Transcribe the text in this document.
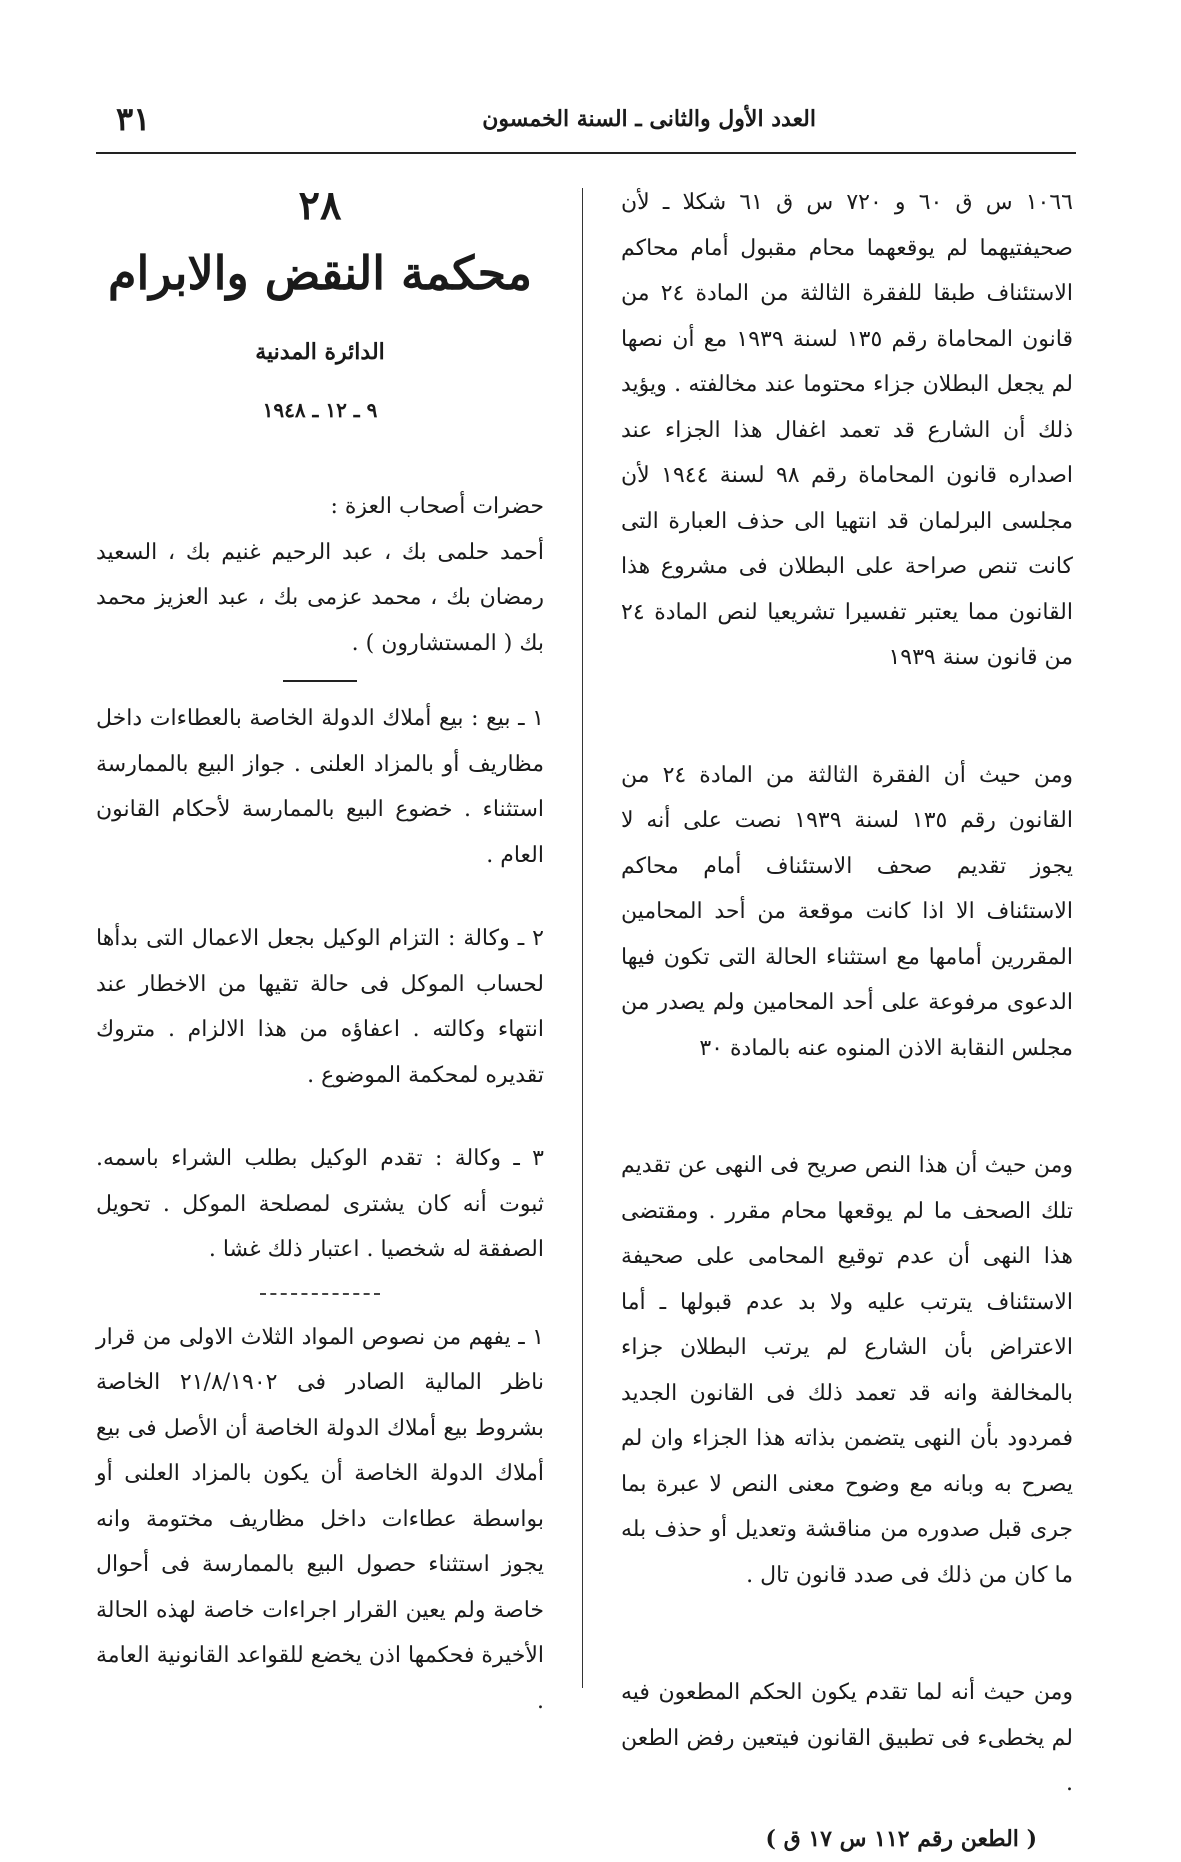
العدد الأول والثانى ـ السنة الخمسون
٣١

١٠٦٦ س ق ٦٠ و ٧٢٠ س ق ٦١ شكلا ـ لأن صحيفتيهما لم يوقعهما محام مقبول أمام محاكم الاستئناف طبقا للفقرة الثالثة من المادة ٢٤ من قانون المحاماة رقم ١٣٥ لسنة ١٩٣٩ مع أن نصها لم يجعل البطلان جزاء محتوما عند مخالفته . ويؤيد ذلك أن الشارع قد تعمد اغفال هذا الجزاء عند اصداره قانون المحاماة رقم ٩٨ لسنة ١٩٤٤ لأن مجلسى البرلمان قد انتهيا الى حذف العبارة التى كانت تنص صراحة على البطلان فى مشروع هذا القانون مما يعتبر تفسيرا تشريعيا لنص المادة ٢٤ من قانون سنة ١٩٣٩

ومن حيث أن الفقرة الثالثة من المادة ٢٤ من القانون رقم ١٣٥ لسنة ١٩٣٩ نصت على أنه لا يجوز تقديم صحف الاستئناف أمام محاكم الاستئناف الا اذا كانت موقعة من أحد المحامين المقررين أمامها مع استثناء الحالة التى تكون فيها الدعوى مرفوعة على أحد المحامين ولم يصدر من مجلس النقابة الاذن المنوه عنه بالمادة ٣٠

ومن حيث أن هذا النص صريح فى النهى عن تقديم تلك الصحف ما لم يوقعها محام مقرر . ومقتضى هذا النهى أن عدم توقيع المحامى على صحيفة الاستئناف يترتب عليه ولا بد عدم قبولها ـ أما الاعتراض بأن الشارع لم يرتب البطلان جزاء بالمخالفة وانه قد تعمد ذلك فى القانون الجديد فمردود بأن النهى يتضمن بذاته هذا الجزاء وان لم يصرح به وبانه مع وضوح معنى النص لا عبرة بما جرى قبل صدوره من مناقشة وتعديل أو حذف بله ما كان من ذلك فى صدد قانون تال .

ومن حيث أنه لما تقدم يكون الحكم المطعون فيه لم يخطىء فى تطبيق القانون فيتعين رفض الطعن .

( الطعن رقم ١١٢ س ١٧ ق )

٢٨

محكمة النقض والابرام

الدائرة المدنية

٩ ـ ١٢ ـ ١٩٤٨

حضرات أصحاب العزة :

أحمد حلمى بك ، عبد الرحيم غنيم بك ، السعيد رمضان بك ، محمد عزمى بك ، عبد العزيز محمد بك ( المستشارون ) .

١ ـ بيع : بيع أملاك الدولة الخاصة بالعطاءات داخل مظاريف أو بالمزاد العلنى . جواز البيع بالممارسة استثناء . خضوع البيع بالممارسة لأحكام القانون العام .

٢ ـ وكالة : التزام الوكيل بجعل الاعمال التى بدأها لحساب الموكل فى حالة تقيها من الاخطار عند انتهاء وكالته . اعفاؤه من هذا الالزام . متروك تقديره لمحكمة الموضوع .

٣ ـ وكالة : تقدم الوكيل بطلب الشراء باسمه. ثبوت أنه كان يشترى لمصلحة الموكل . تحويل الصفقة له شخصيا . اعتبار ذلك غشا .

١ ـ يفهم من نصوص المواد الثلاث الاولى من قرار ناظر المالية الصادر فى ٢١/٨/١٩٠٢ الخاصة بشروط بيع أملاك الدولة الخاصة أن الأصل فى بيع أملاك الدولة الخاصة أن يكون بالمزاد العلنى أو بواسطة عطاءات داخل مظاريف مختومة وانه يجوز استثناء حصول البيع بالممارسة فى أحوال خاصة ولم يعين القرار اجراءات خاصة لهذه الحالة الأخيرة فحكمها اذن يخضع للقواعد القانونية العامة .
